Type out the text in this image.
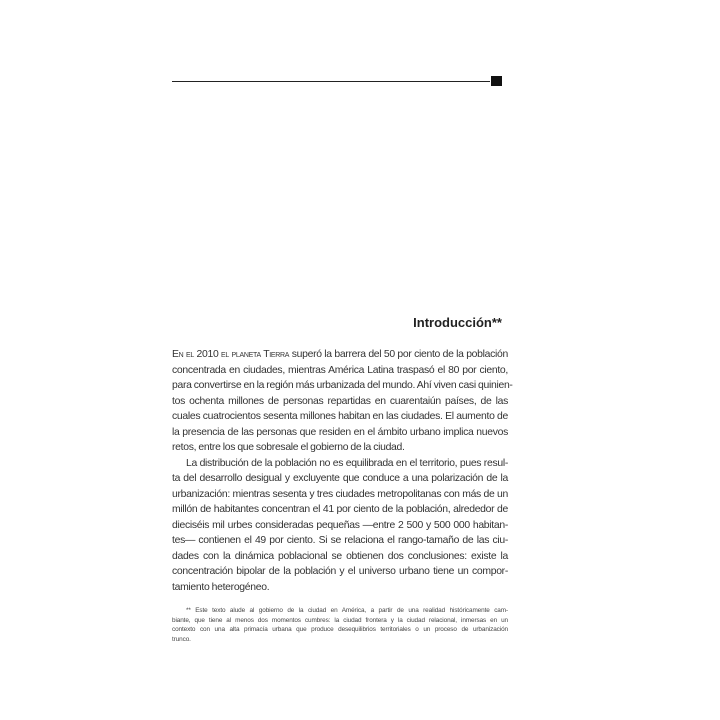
Introducción**
En el 2010 el planeta Tierra superó la barrera del 50 por ciento de la población
concentrada en ciudades, mientras América Latina traspasó el 80 por ciento,
para convertirse en la región más urbanizada del mundo. Ahí viven casi quinien-
tos ochenta millones de personas repartidas en cuarentaiún países, de las
cuales cuatrocientos sesenta millones habitan en las ciudades. El aumento de
la presencia de las personas que residen en el ámbito urbano implica nuevos
retos, entre los que sobresale el gobierno de la ciudad.
La distribución de la población no es equilibrada en el territorio, pues resul-
ta del desarrollo desigual y excluyente que conduce a una polarización de la
urbanización: mientras sesenta y tres ciudades metropolitanas con más de un
millón de habitantes concentran el 41 por ciento de la población, alrededor de
dieciséis mil urbes consideradas pequeñas —entre 2 500 y 500 000 habitan-
tes— contienen el 49 por ciento. Si se relaciona el rango-tamaño de las ciu-
dades con la dinámica poblacional se obtienen dos conclusiones: existe la
concentración bipolar de la población y el universo urbano tiene un compor-
tamiento heterogéneo.
** Este texto alude al gobierno de la ciudad en América, a partir de una realidad históricamente cam-
biante, que tiene al menos dos momentos cumbres: la ciudad frontera y la ciudad relacional, inmersas en un
contexto con una alta primacía urbana que produce desequilibrios territoriales o un proceso de urbanización
trunco.
